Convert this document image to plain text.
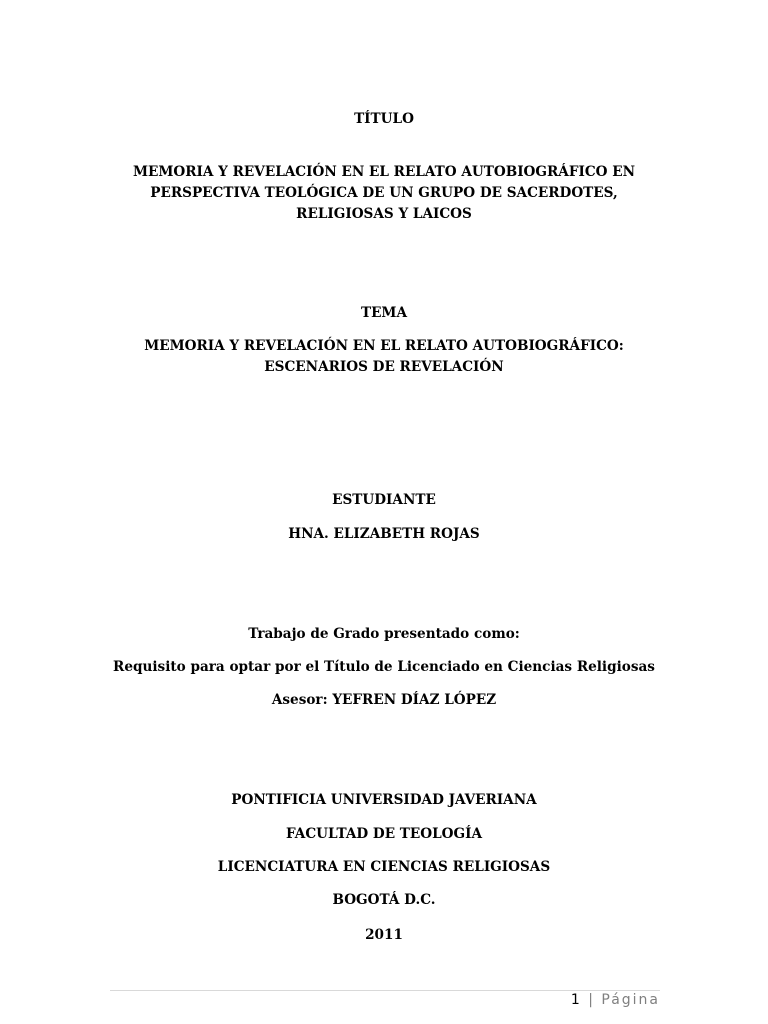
TÍTULO
MEMORIA Y REVELACIÓN EN EL RELATO AUTOBIOGRÁFICO EN
PERSPECTIVA TEOLÓGICA DE UN GRUPO DE SACERDOTES,
RELIGIOSAS Y LAICOS
TEMA
MEMORIA Y REVELACIÓN EN EL RELATO AUTOBIOGRÁFICO:
ESCENARIOS DE REVELACIÓN
ESTUDIANTE
HNA. ELIZABETH ROJAS
Trabajo de Grado presentado como:
Requisito para optar por el Título de Licenciado en Ciencias Religiosas
Asesor: YEFREN DÍAZ LÓPEZ
PONTIFICIA UNIVERSIDAD JAVERIANA
FACULTAD DE TEOLOGÍA
LICENCIATURA EN CIENCIAS RELIGIOSAS
BOGOTÁ D.C.
2011
1 | Página
